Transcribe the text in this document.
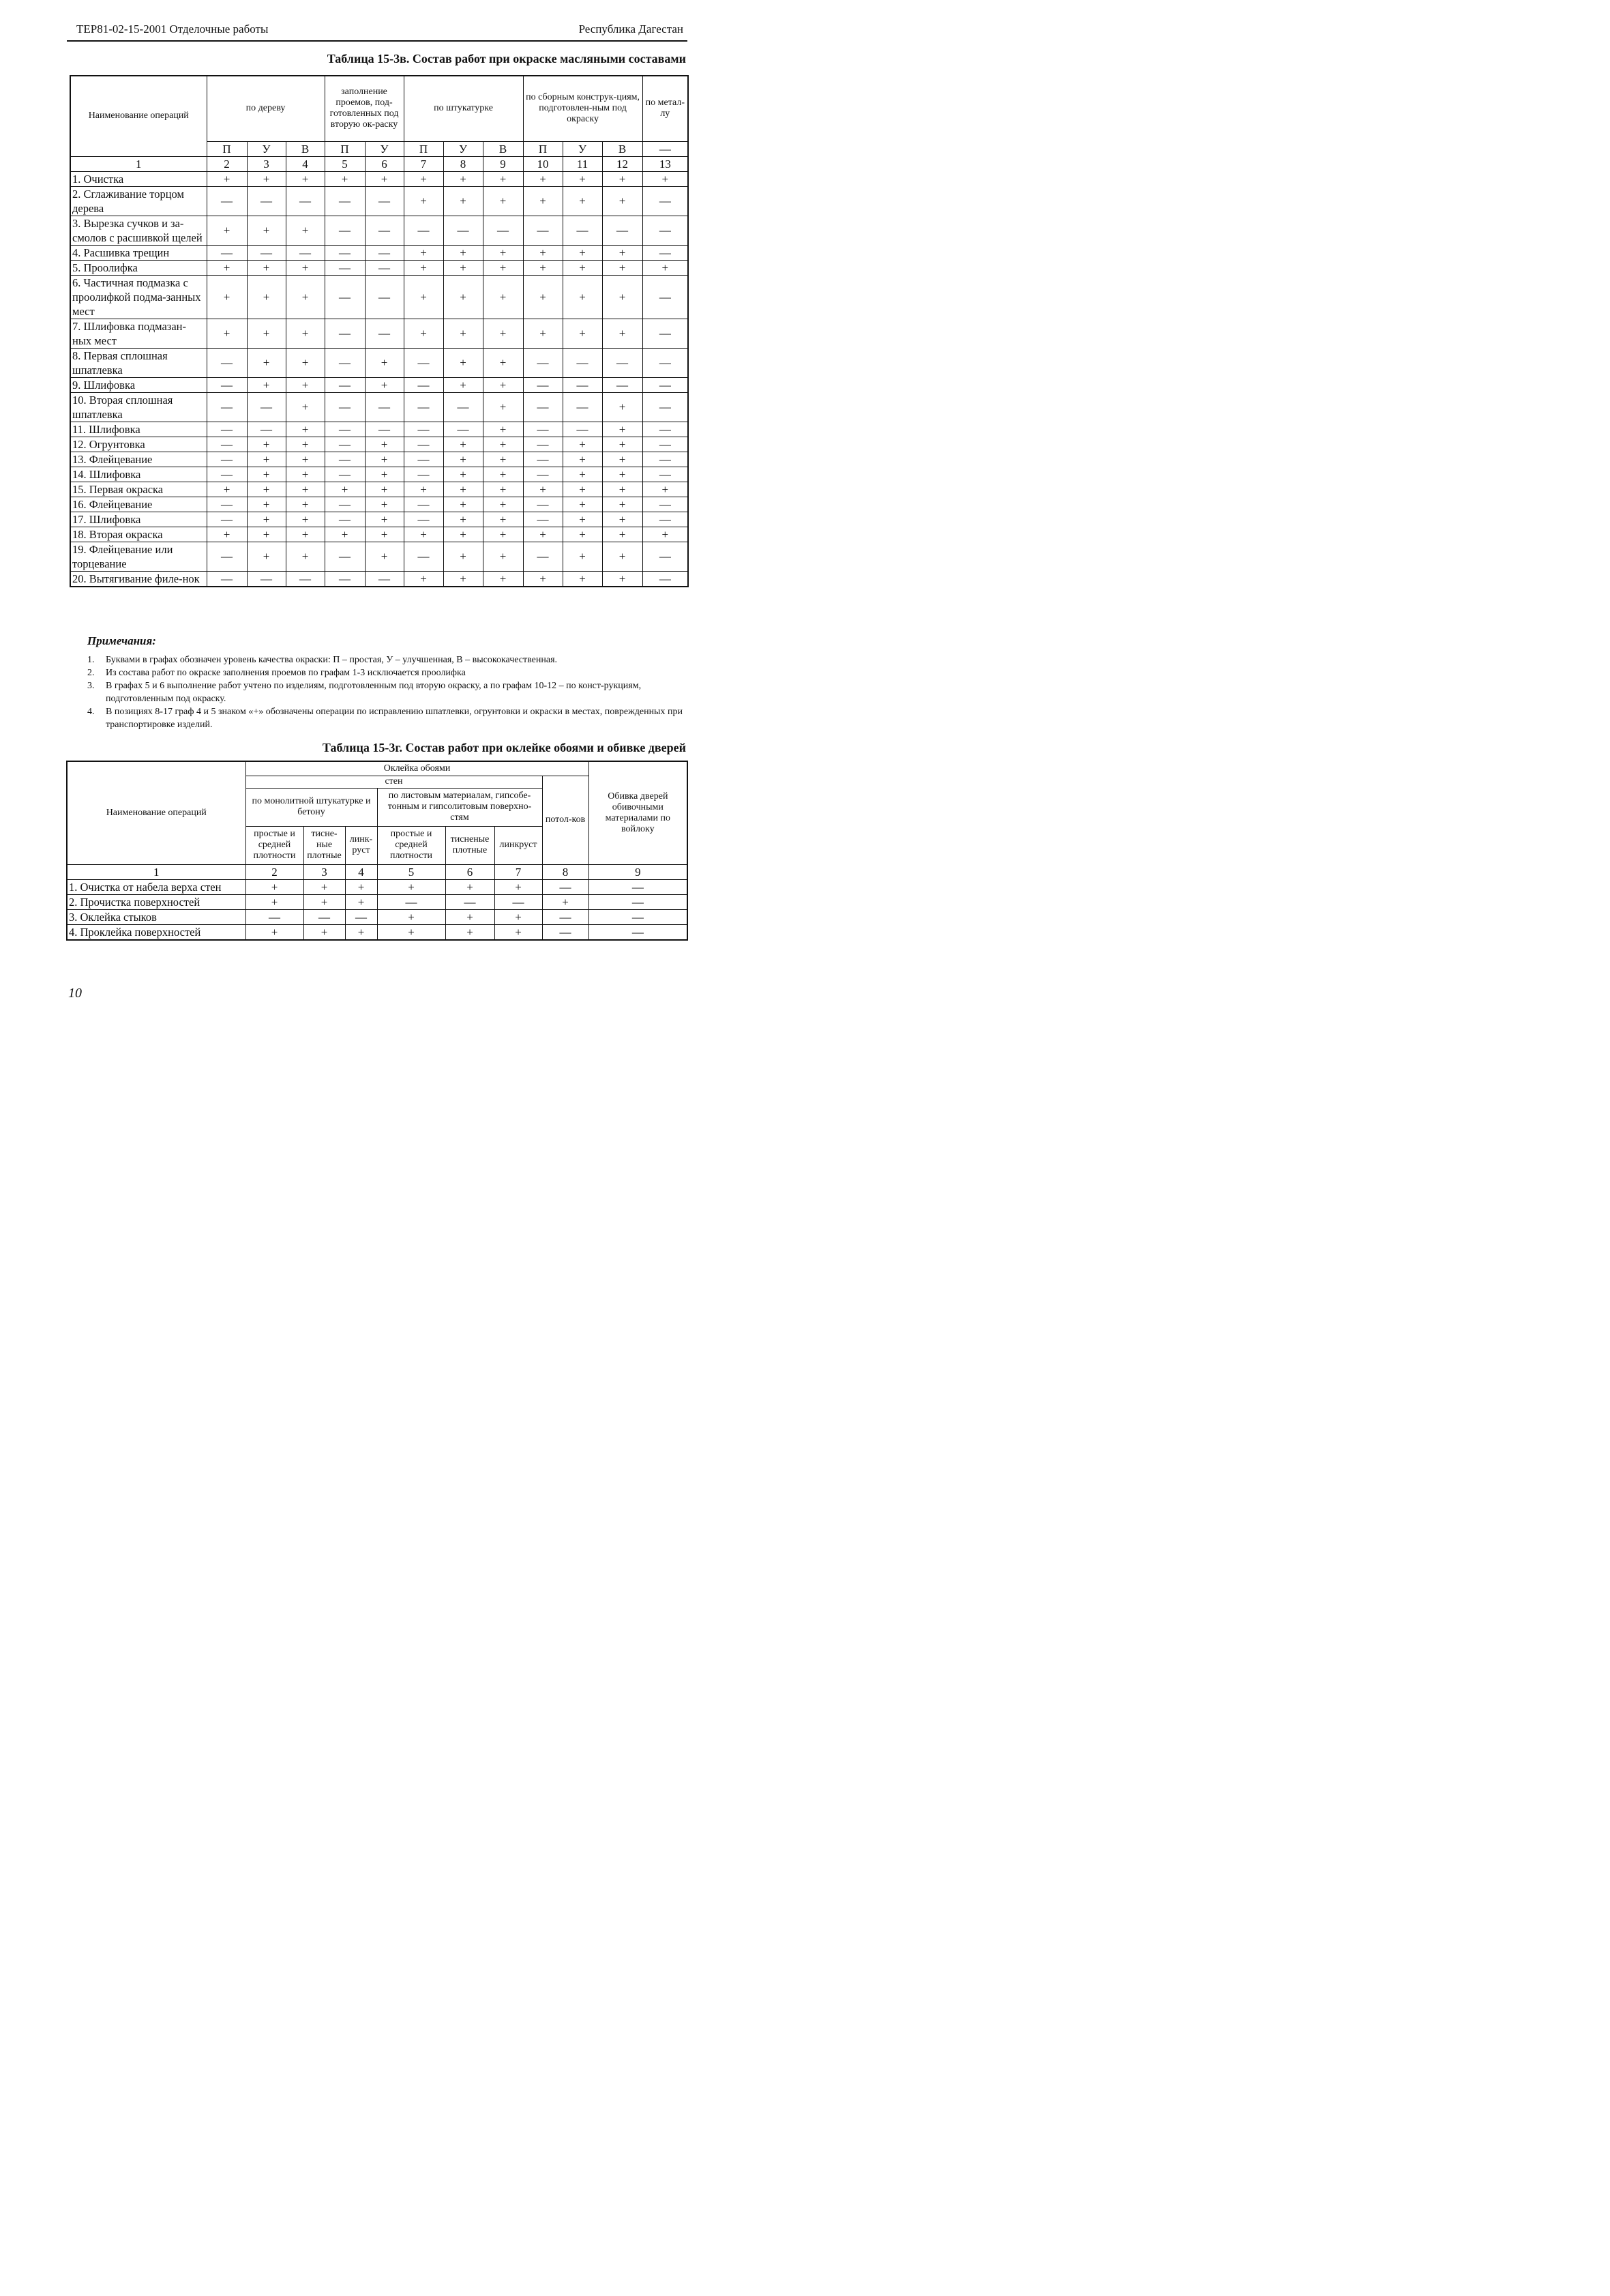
ТЕР81-02-15-2001 Отделочные работы	Республика Дагестан
Таблица 15-3в. Состав работ при окраске масляными составами
Наименование операций	по дереву			заполнение проемов, под-готовленных под вторую ок-раску		по штукатурке			по сборным конструк-циям, подготовлен-ным под окраску			по метал-лу
	П	У	В	П	У	П	У	В	П	У	В	—
1	2	3	4	5	6	7	8	9	10	11	12	13
1. Очистка	+	+	+	+	+	+	+	+	+	+	+	+
2. Сглаживание торцом дерева	—	—	—	—	—	+	+	+	+	+	+	—
3. Вырезка сучков и за-смолов с расшивкой щелей	+	+	+	—	—	—	—	—	—	—	—	—
4. Расшивка трещин	—	—	—	—	—	+	+	+	+	+	+	—
5. Проолифка	+	+	+	—	—	+	+	+	+	+	+	+
6. Частичная подмазка с проолифкой подма-занных мест	+	+	+	—	—	+	+	+	+	+	+	—
7. Шлифовка подмазан-ных мест	+	+	+	—	—	+	+	+	+	+	+	—
8. Первая сплошная шпатлевка	—	+	+	—	+	—	+	+	—	—	—	—
9. Шлифовка	—	+	+	—	+	—	+	+	—	—	—	—
10. Вторая сплошная шпатлевка	—	—	+	—	—	—	—	+	—	—	+	—
11. Шлифовка	—	—	+	—	—	—	—	+	—	—	+	—
12. Огрунтовка	—	+	+	—	+	—	+	+	—	+	+	—
13. Флейцевание	—	+	+	—	+	—	+	+	—	+	+	—
14. Шлифовка	—	+	+	—	+	—	+	+	—	+	+	—
15. Первая окраска	+	+	+	+	+	+	+	+	+	+	+	+
16. Флейцевание	—	+	+	—	+	—	+	+	—	+	+	—
17. Шлифовка	—	+	+	—	+	—	+	+	—	+	+	—
18. Вторая окраска	+	+	+	+	+	+	+	+	+	+	+	+
19. Флейцевание или торцевание	—	+	+	—	+	—	+	+	—	+	+	—
20. Вытягивание филе-нок	—	—	—	—	—	+	+	+	+	+	+	—
Примечания:
1.	Буквами в графах обозначен уровень качества окраски: П – простая, У – улучшенная, В – высококачественная.
2.	Из состава работ по окраске заполнения проемов по графам 1-3 исключается проолифка
3.	В графах 5 и 6 выполнение работ учтено по изделиям, подготовленным под вторую окраску, а по графам 10-12 – по конст-рукциям, подготовленным под окраску.
4.	В позициях 8-17 граф 4 и 5 знаком «+» обозначены операции по исправлению шпатлевки, огрунтовки и окраски в местах, поврежденных при транспортировке изделий.
Таблица 15-3г. Состав работ при оклейке обоями и обивке дверей
Наименование операций	Оклейка обоями							Обивка дверей обивочными материалами по войлоку
	стен						потол-ков	
	по монолитной штукатурке и бетону			по листовым материалам, гипсобе-тонным и гипсолитовым поверхно-стям				
	простые и средней плотности	тисне-ные плотные	линк-руст	простые и средней плотности	тисненые плотные	линкруст		
1	2	3	4	5	6	7	8	9
1. Очистка от набела верха стен	+	+	+	+	+	+	—	—
2. Прочистка поверхностей	+	+	+	—	—	—	+	—
3. Оклейка стыков	—	—	—	+	+	+	—	—
4. Проклейка поверхностей	+	+	+	+	+	+	—	—
10
